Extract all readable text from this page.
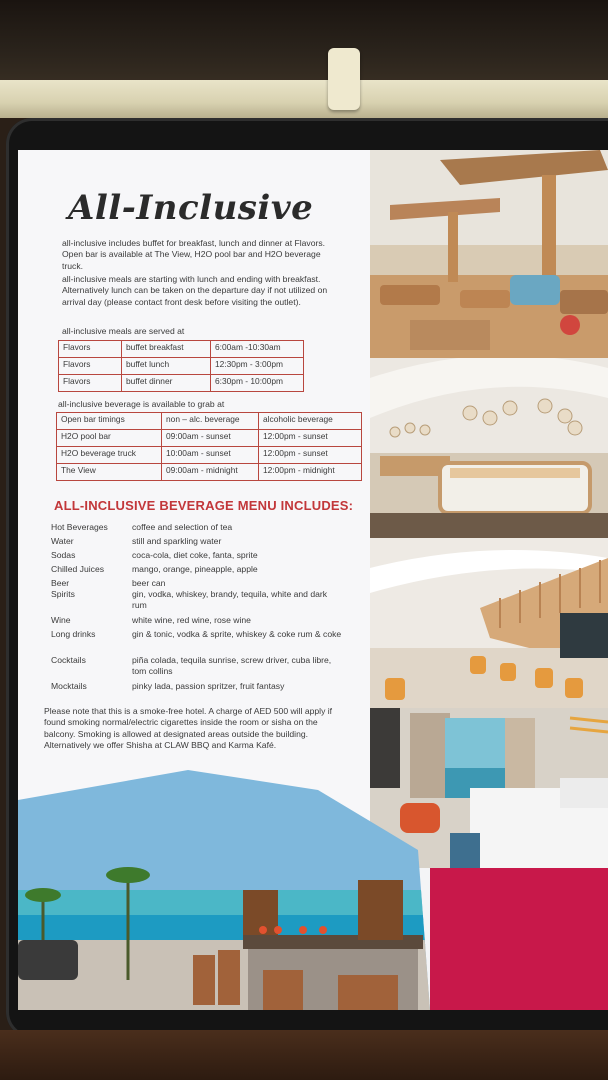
All-Inclusive
all-inclusive includes buffet for breakfast, lunch and dinner at Flavors. Open bar is available at The View, H2O pool bar and H2O beverage truck.
all-inclusive meals are starting with lunch and ending with breakfast. Alternatively lunch can be taken on the departure day if not utilized on arrival day (please contact front desk before visiting the outlet).
all-inclusive meals are served at
Flavors	buffet breakfast	6:00am -10:30am
Flavors	buffet lunch	12:30pm - 3:00pm
Flavors	buffet dinner	6:30pm - 10:00pm
all-inclusive beverage is available to grab at
Open bar timings	non – alc. beverage	alcoholic beverage
H2O pool bar	09:00am - sunset	12:00pm - sunset
H2O beverage truck	10:00am - sunset	12:00pm - sunset
The View	09:00am - midnight	12:00pm - midnight
ALL-INCLUSIVE BEVERAGE MENU INCLUDES:
Hot Beverages	coffee and selection of tea
Water	still and sparkling water
Sodas	coca-cola, diet coke, fanta, sprite
Chilled Juices	mango, orange, pineapple, apple
Beer	beer can
Spirits	gin, vodka, whiskey, brandy, tequila, white and dark rum
Wine	white wine, red wine, rose wine
Long drinks	gin & tonic, vodka & sprite, whiskey & coke rum & coke
Cocktails	piña colada, tequila sunrise, screw driver, cuba libre, tom collins
Mocktails	pinky lada, passion spritzer, fruit fantasy
Please note that this is a smoke-free hotel. A charge of AED 500 will apply if found smoking normal/electric cigarettes inside the room or sisha on the balcony. Smoking is allowed at designated areas outside the building. Alternatively we offer Shisha at CLAW BBQ and Karma Kafé.
